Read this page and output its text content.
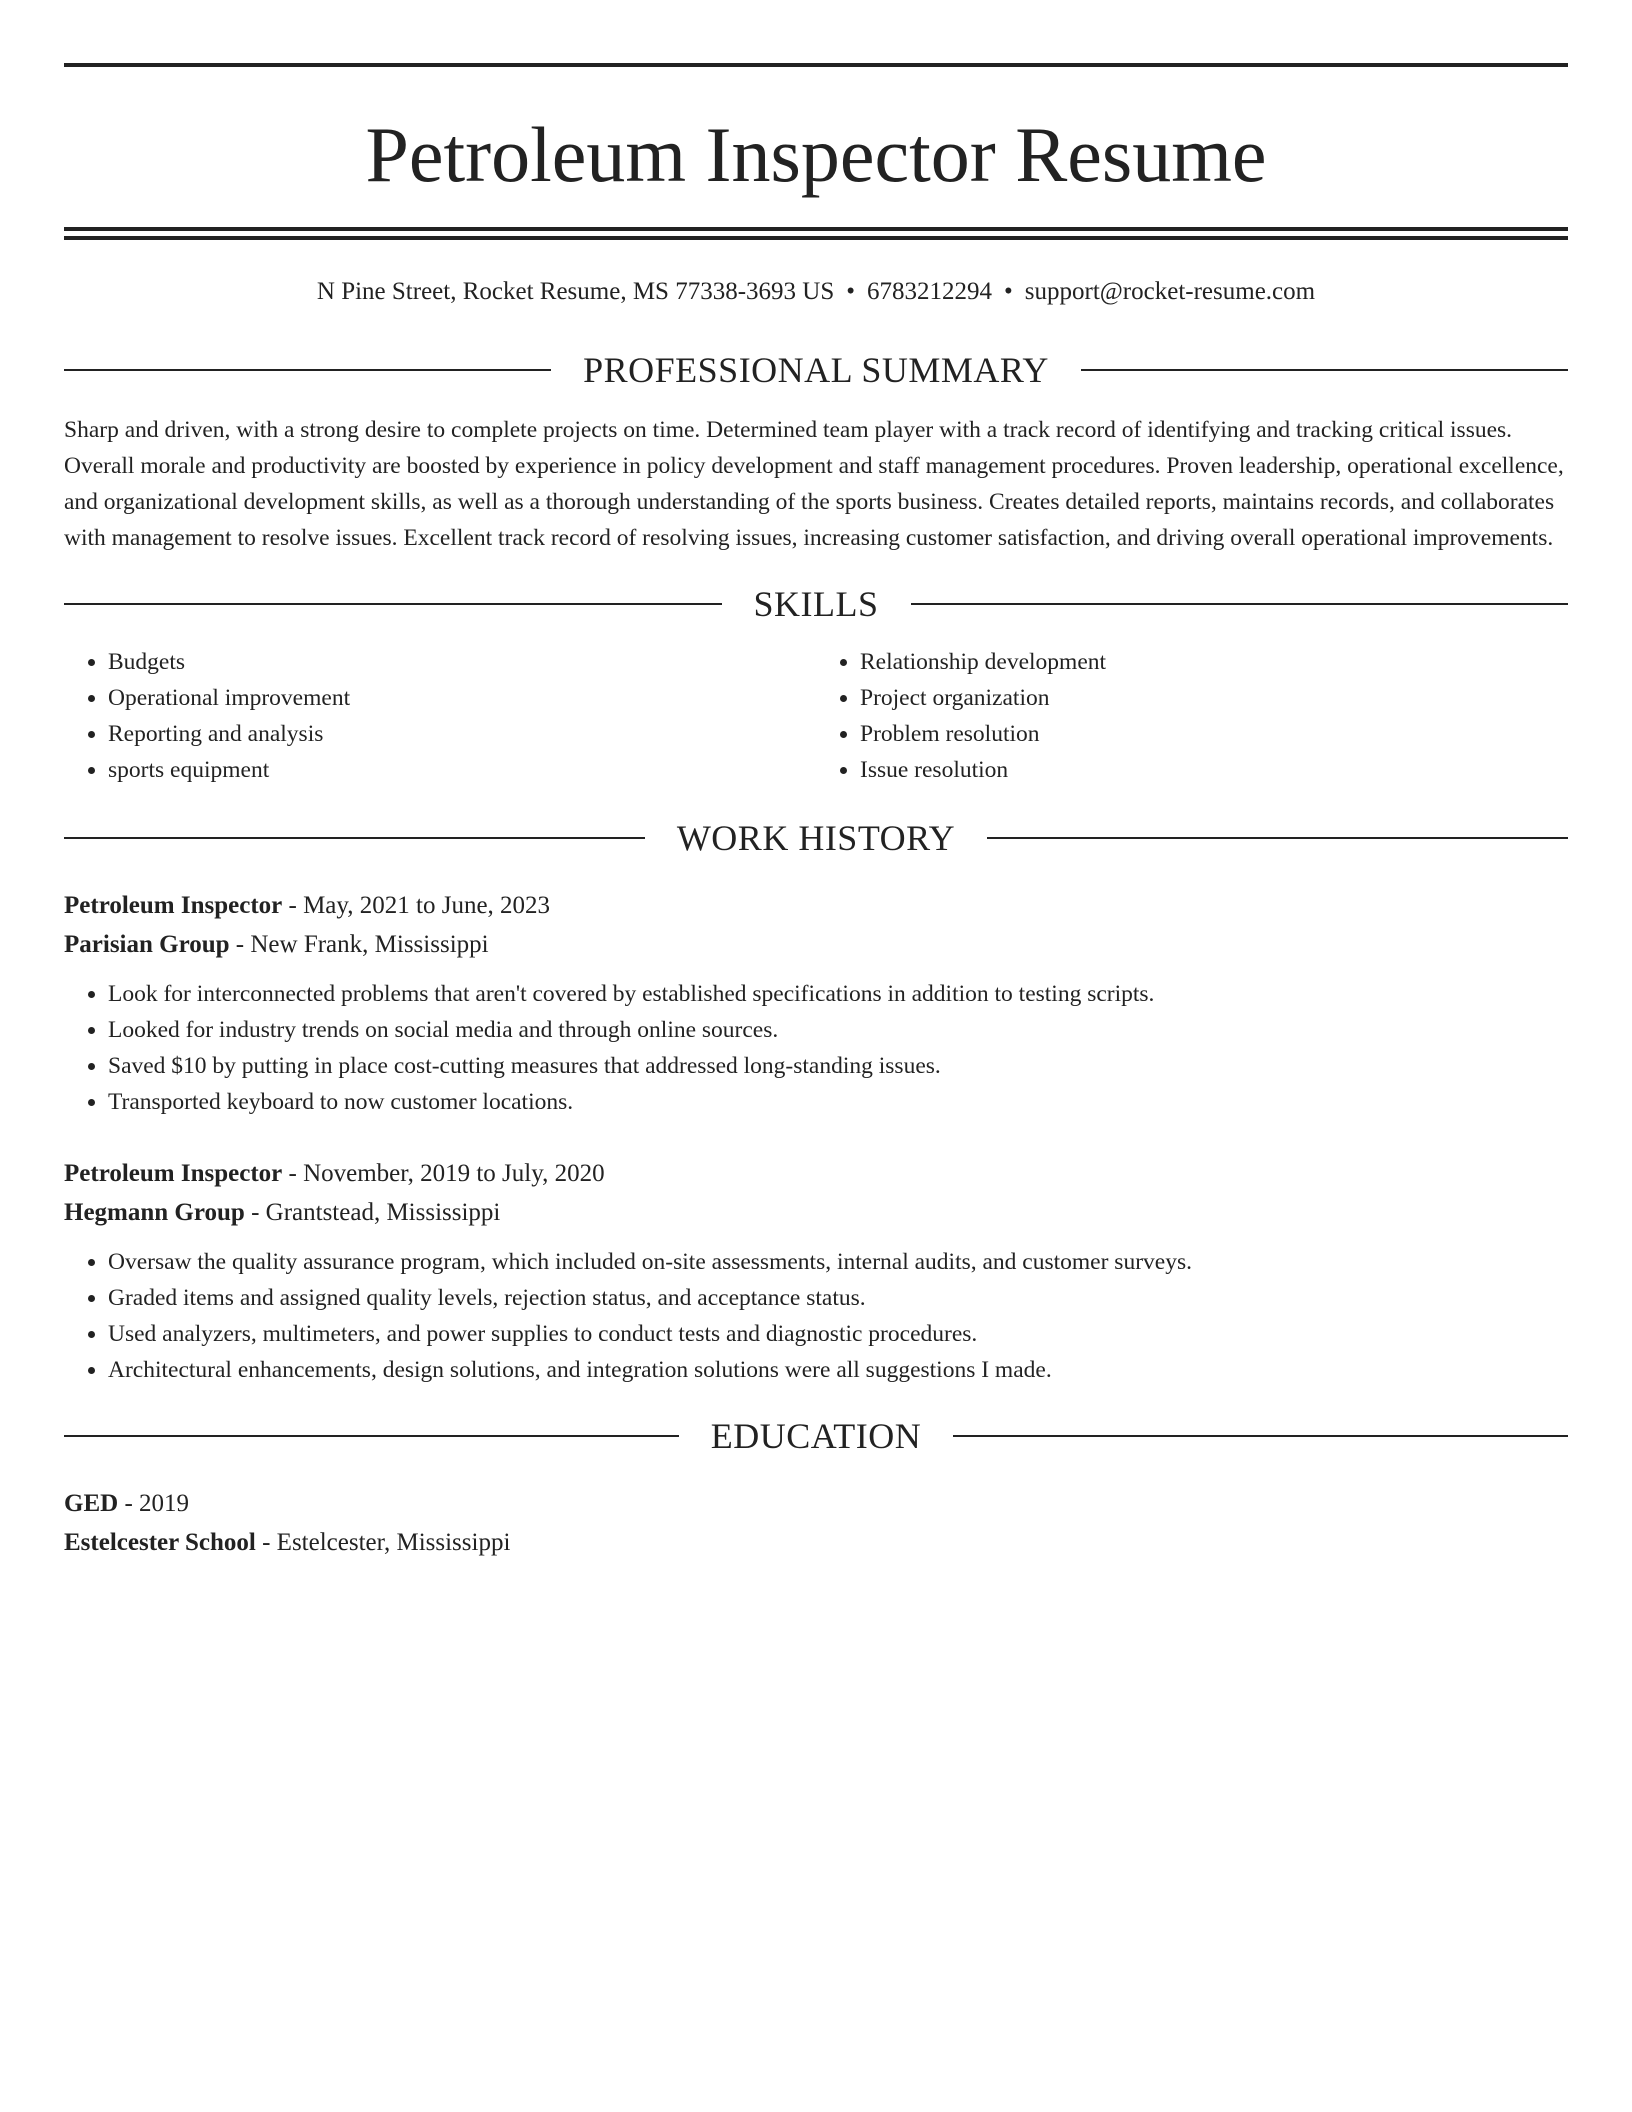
Petroleum Inspector Resume
N Pine Street, Rocket Resume, MS 77338-3693 US • 6783212294 • support@rocket-resume.com
PROFESSIONAL SUMMARY
Sharp and driven, with a strong desire to complete projects on time. Determined team player with a track record of identifying and tracking critical issues. Overall morale and productivity are boosted by experience in policy development and staff management procedures. Proven leadership, operational excellence, and organizational development skills, as well as a thorough understanding of the sports business. Creates detailed reports, maintains records, and collaborates with management to resolve issues. Excellent track record of resolving issues, increasing customer satisfaction, and driving overall operational improvements.
SKILLS
• Budgets
• Operational improvement
• Reporting and analysis
• sports equipment
• Relationship development
• Project organization
• Problem resolution
• Issue resolution
WORK HISTORY
Petroleum Inspector - May, 2021 to June, 2023
Parisian Group - New Frank, Mississippi
• Look for interconnected problems that aren't covered by established specifications in addition to testing scripts.
• Looked for industry trends on social media and through online sources.
• Saved $10 by putting in place cost-cutting measures that addressed long-standing issues.
• Transported keyboard to now customer locations.
Petroleum Inspector - November, 2019 to July, 2020
Hegmann Group - Grantstead, Mississippi
• Oversaw the quality assurance program, which included on-site assessments, internal audits, and customer surveys.
• Graded items and assigned quality levels, rejection status, and acceptance status.
• Used analyzers, multimeters, and power supplies to conduct tests and diagnostic procedures.
• Architectural enhancements, design solutions, and integration solutions were all suggestions I made.
EDUCATION
GED - 2019
Estelcester School - Estelcester, Mississippi
